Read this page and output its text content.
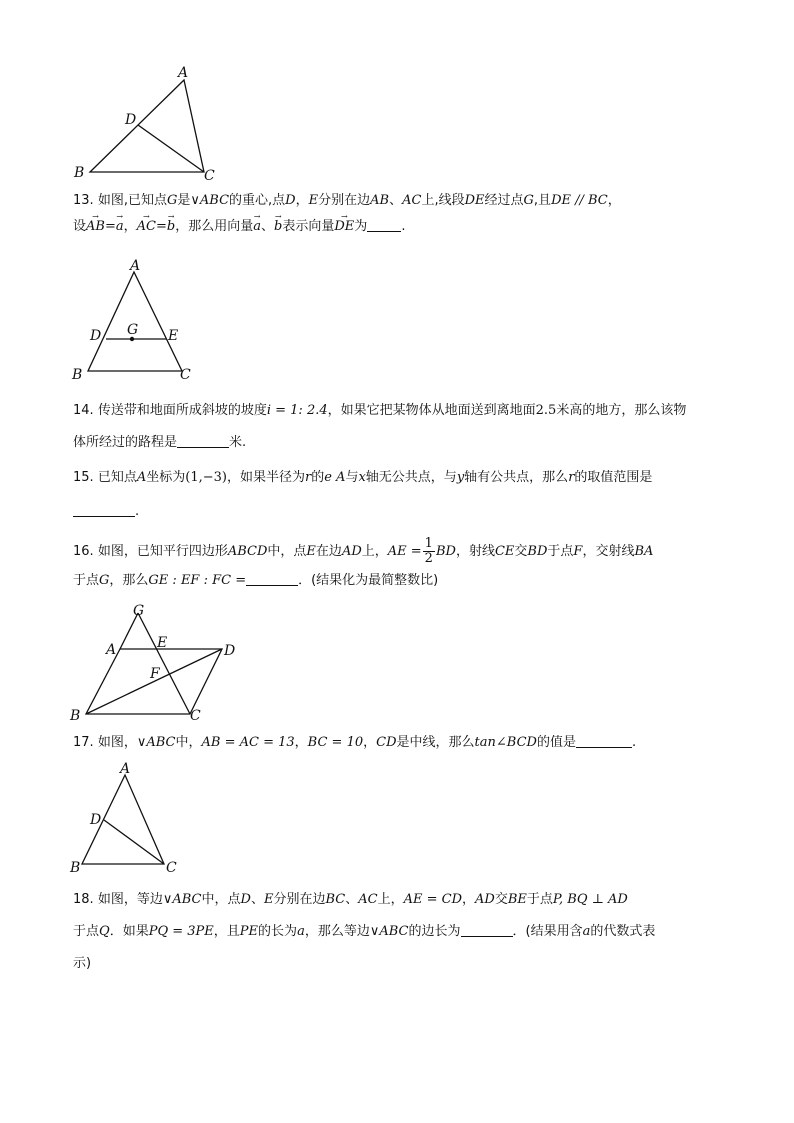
A
B	C
D
13. 如图,已知点G是∨ABC的重心,点D，E分别在边AB、AC上,线段DE经过点G,且DE // BC，
设→ AB=→ a，→ AC=→ b，那么用向量→ a、→ b表示向量→ DE为	.
A
B	C
D	E
G
14. 传送带和地面所成斜坡的坡度i = 1: 2.4，如果它把某物体从地面送到离地面2.5米高的地方，那么该物
体所经过的路程是	米.
15. 已知点A坐标为(1,−3)，如果半径为r的e A与x轴无公共点，与y轴有公共点，那么r的取值范围是
.
16. 如图，已知平行四边形ABCD中，点E在边AD上，AE = $\frac{1}{2}$ BD，射线CE交BD于点F，交射线BA
于点G，那么GE : EF : FC =	．(结果化为最简整数比)
G
A	E	D
F
B	C
17. 如图，∨ABC中，AB = AC = 13，BC = 10，CD是中线，那么tan∠BCD的值是	.
A
B	C
D
18. 如图，等边∨ABC中，点D、E分别在边BC、AC上，AE = CD，AD交BE于点P, BQ ⊥ AD
于点Q．如果PQ = 3PE，且PE的长为a，那么等边∨ABC的边长为	．(结果用含a的代数式表
示)
